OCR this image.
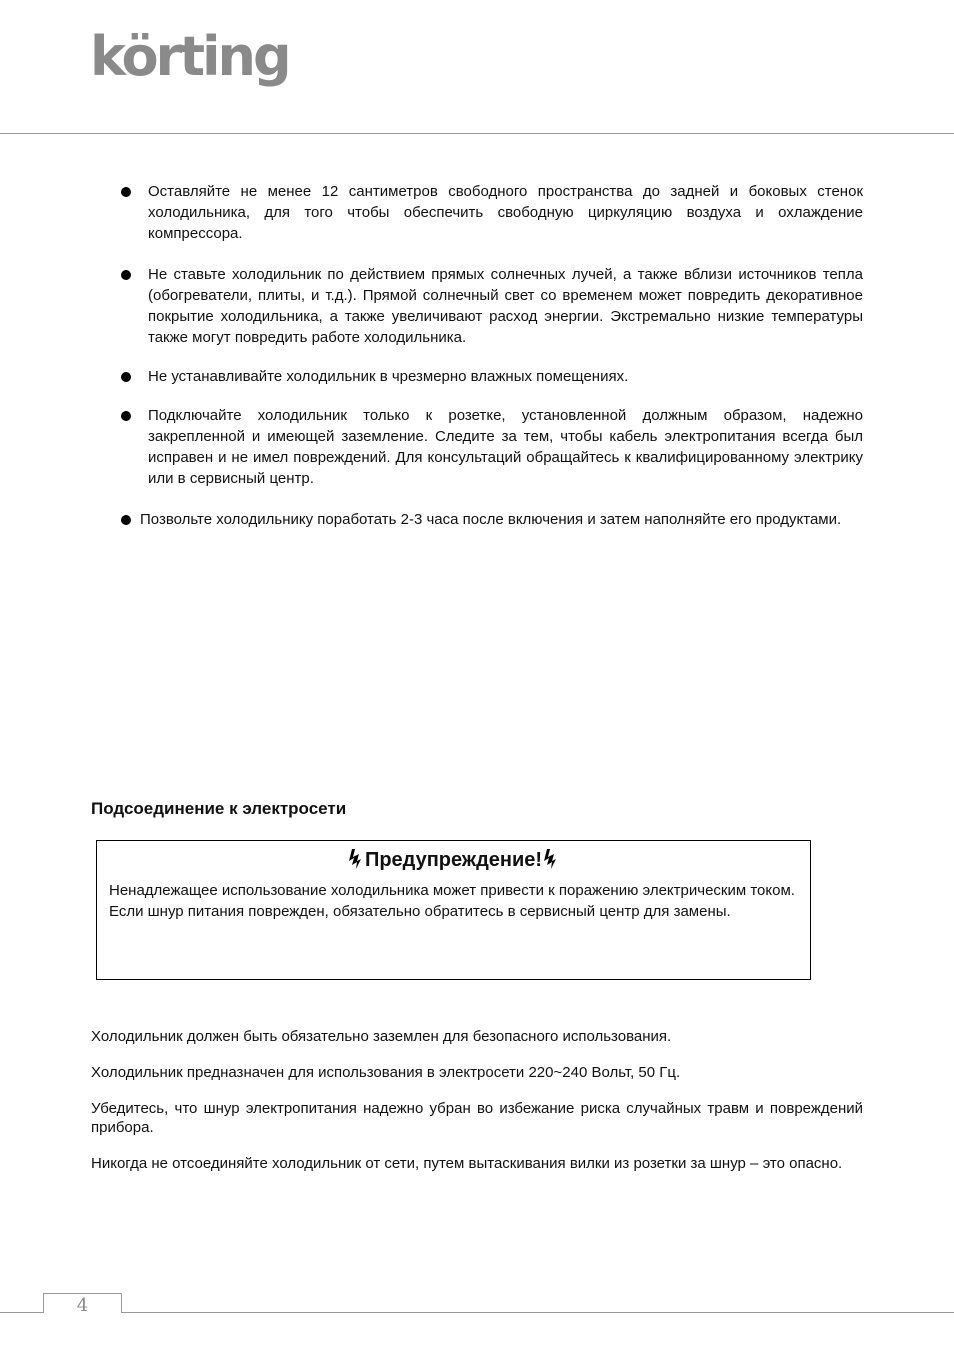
körting
Оставляйте не менее 12 сантиметров свободного пространства до задней и боковых стенок холодильника, для того чтобы обеспечить свободную циркуляцию воздуха и охлаждение компрессора.
Не ставьте холодильник по действием прямых солнечных лучей, а также вблизи источников тепла (обогреватели, плиты, и т.д.). Прямой солнечный свет со временем может повредить декоративное покрытие холодильника, а также увеличивают расход энергии. Экстремально низкие температуры также могут повредить работе холодильника.
Не устанавливайте холодильник в чрезмерно влажных помещениях.
Подключайте холодильник только к розетке, установленной должным образом, надежно закрепленной и имеющей заземление. Следите за тем, чтобы кабель электропитания всегда был исправен и не имел повреждений. Для консультаций обращайтесь к квалифицированному электрику или в сервисный центр.
Позвольте холодильнику поработать 2-3 часа после включения и затем наполняйте его продуктами.
Подсоединение к электросети
Предупреждение!
Ненадлежащее использование холодильника может привести к поражению электрическим током. Если шнур питания поврежден, обязательно обратитесь в сервисный центр для замены.

Холодильник должен быть обязательно заземлен для безопасного использования.

Холодильник предназначен для использования в электросети 220~240 Вольт, 50 Гц.

Убедитесь, что шнур электропитания надежно убран во избежание риска случайных травм и повреждений прибора.

Никогда не отсоединяйте холодильник от сети, путем вытаскивания вилки из розетки за шнур – это опасно.

4
